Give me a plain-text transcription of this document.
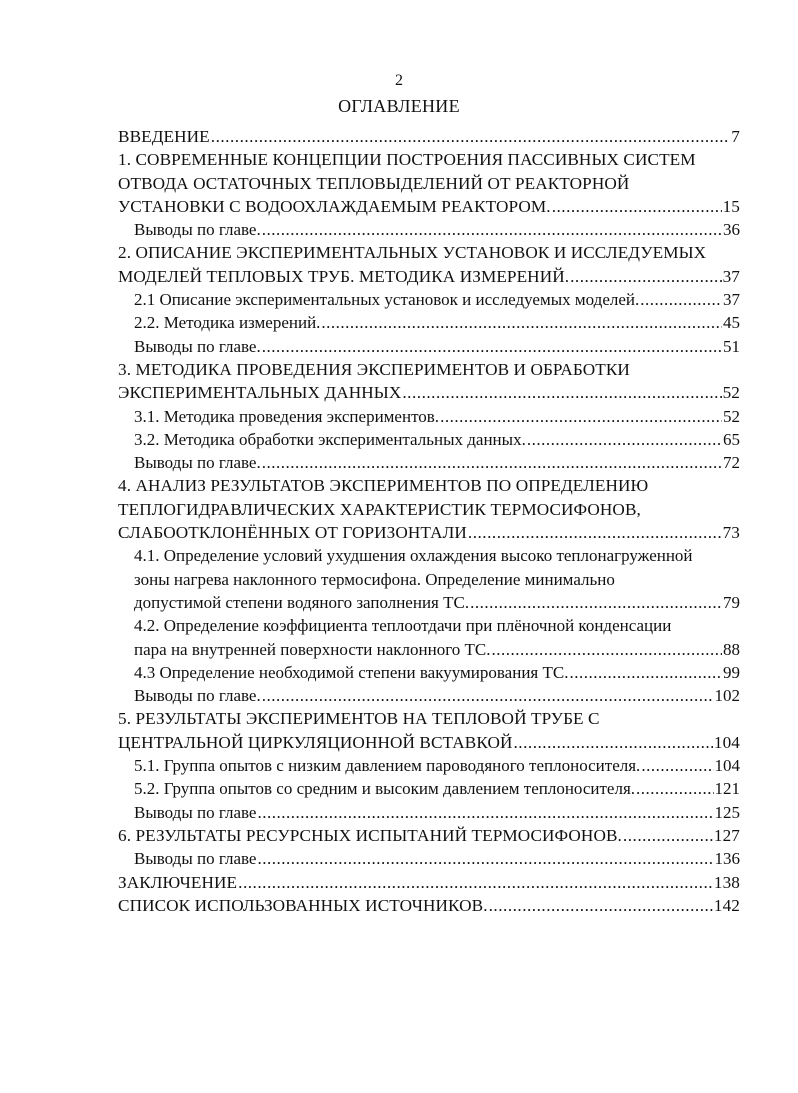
2
ОГЛАВЛЕНИЕ
ВВЕДЕНИЕ .....	7
1. СОВРЕМЕННЫЕ КОНЦЕПЦИИ ПОСТРОЕНИЯ ПАССИВНЫХ СИСТЕМ
ОТВОДА ОСТАТОЧНЫХ ТЕПЛОВЫДЕЛЕНИЙ ОТ РЕАКТОРНОЙ
УСТАНОВКИ С ВОДООХЛАЖДАЕМЫМ РЕАКТОРОМ. .....	15
Выводы по главе. .....	36
2. ОПИСАНИЕ ЭКСПЕРИМЕНТАЛЬНЫХ УСТАНОВОК И ИССЛЕДУЕМЫХ
МОДЕЛЕЙ ТЕПЛОВЫХ ТРУБ. МЕТОДИКА ИЗМЕРЕНИЙ. .....	37
2.1 Описание экспериментальных установок и исследуемых моделей. .....	37
2.2. Методика измерений. .....	45
Выводы по главе. .....	51
3. МЕТОДИКА ПРОВЕДЕНИЯ ЭКСПЕРИМЕНТОВ И ОБРАБОТКИ
ЭКСПЕРИМЕНТАЛЬНЫХ ДАННЫХ .....	52
3.1. Методика проведения экспериментов. .....	52
3.2. Методика обработки экспериментальных данных. .....	65
Выводы по главе. .....	72
4. АНАЛИЗ РЕЗУЛЬТАТОВ ЭКСПЕРИМЕНТОВ ПО ОПРЕДЕЛЕНИЮ
ТЕПЛОГИДРАВЛИЧЕСКИХ ХАРАКТЕРИСТИК ТЕРМОСИФОНОВ,
СЛАБООТКЛОНЁННЫХ ОТ ГОРИЗОНТАЛИ .....	73
4.1. Определение условий ухудшения охлаждения высоко теплонагруженной
зоны нагрева наклонного термосифона. Определение минимально
допустимой степени водяного заполнения ТС. .....	79
4.2. Определение коэффициента теплоотдачи при плёночной конденсации
пара на внутренней поверхности наклонного ТС. .....	88
4.3 Определение необходимой степени вакуумирования ТС. .....	99
Выводы по главе. .....	102
5. РЕЗУЛЬТАТЫ ЭКСПЕРИМЕНТОВ НА ТЕПЛОВОЙ ТРУБЕ С
ЦЕНТРАЛЬНОЙ ЦИРКУЛЯЦИОННОЙ ВСТАВКОЙ .....	104
5.1. Группа опытов с низким давлением пароводяного теплоносителя. .....	104
5.2. Группа опытов со средним и высоким давлением теплоносителя. .....	121
Выводы по главе .....	125
6. РЕЗУЛЬТАТЫ РЕСУРСНЫХ ИСПЫТАНИЙ ТЕРМОСИФОНОВ. .....	127
Выводы по главе .....	136
ЗАКЛЮЧЕНИЕ .....	138
СПИСОК ИСПОЛЬЗОВАННЫХ ИСТОЧНИКОВ. .....	142
